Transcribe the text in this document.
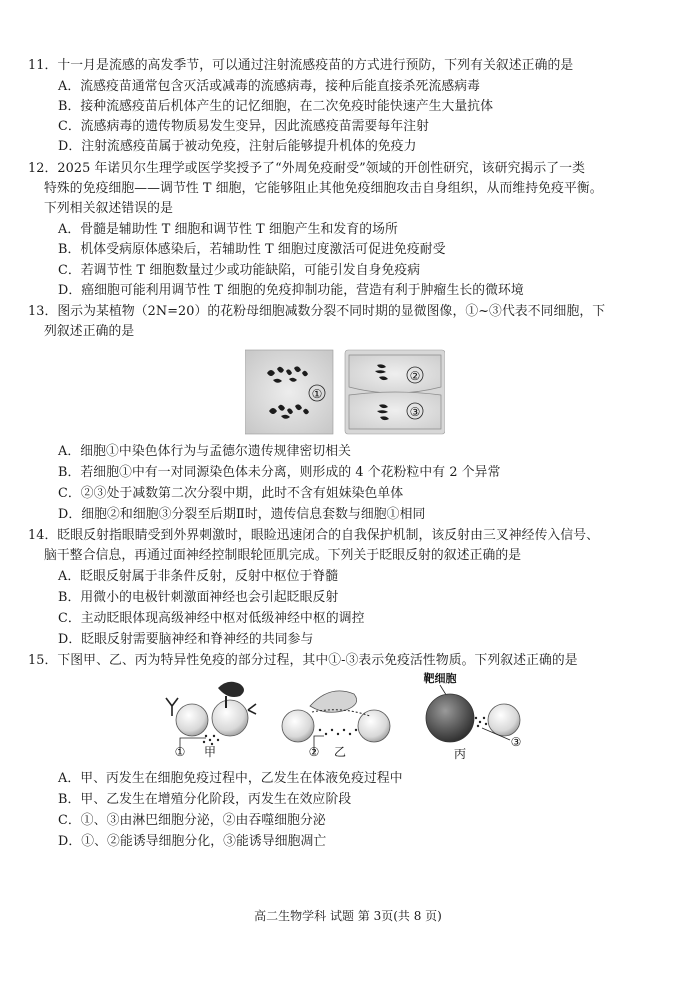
11．十一月是流感的高发季节，可以通过注射流感疫苗的方式进行预防，下列有关叙述正确的是
A．流感疫苗通常包含灭活或减毒的流感病毒，接种后能直接杀死流感病毒
B．接种流感疫苗后机体产生的记忆细胞，在二次免疫时能快速产生大量抗体
C．流感病毒的遗传物质易发生变异，因此流感疫苗需要每年注射
D．注射流感疫苗属于被动免疫，注射后能够提升机体的免疫力
12．2025 年诺贝尔生理学或医学奖授予了“外周免疫耐受”领域的开创性研究，该研究揭示了一类
特殊的免疫细胞——调节性 T 细胞，它能够阻止其他免疫细胞攻击自身组织，从而维持免疫平衡。
下列相关叙述错误的是
A．骨髓是辅助性 T 细胞和调节性 T 细胞产生和发育的场所
B．机体受病原体感染后，若辅助性 T 细胞过度激活可促进免疫耐受
C．若调节性 T 细胞数量过少或功能缺陷，可能引发自身免疫病
D．癌细胞可能利用调节性 T 细胞的免疫抑制功能，营造有利于肿瘤生长的微环境
13．图示为某植物（2N=20）的花粉母细胞减数分裂不同时期的显微图像，①~③代表不同细胞，下
列叙述正确的是
①
②
③
A．细胞①中染色体行为与孟德尔遗传规律密切相关
B．若细胞①中有一对同源染色体未分离，则形成的 4 个花粉粒中有 2 个异常
C．②③处于减数第二次分裂中期，此时不含有姐妹染色单体
D．细胞②和细胞③分裂至后期Ⅱ时，遗传信息套数与细胞①相同
14．眨眼反射指眼睛受到外界刺激时，眼睑迅速闭合的自我保护机制，该反射由三叉神经传入信号、
脑干整合信息，再通过面神经控制眼轮匝肌完成。下列关于眨眼反射的叙述正确的是
A．眨眼反射属于非条件反射，反射中枢位于脊髓
B．用微小的电极针刺激面神经也会引起眨眼反射
C．主动眨眼体现高级神经中枢对低级神经中枢的调控
D．眨眼反射需要脑神经和脊神经的共同参与
15．下图甲、乙、丙为特异性免疫的部分过程，其中①-③表示免疫活性物质。下列叙述正确的是
① 甲	② 乙
靶细胞
③
丙
A．甲、丙发生在细胞免疫过程中，乙发生在体液免疫过程中
B．甲、乙发生在增殖分化阶段，丙发生在效应阶段
C．①、③由淋巴细胞分泌，②由吞噬细胞分泌
D．①、②能诱导细胞分化，③能诱导细胞凋亡
高二生物学科 试题 第 3页(共 8 页)
